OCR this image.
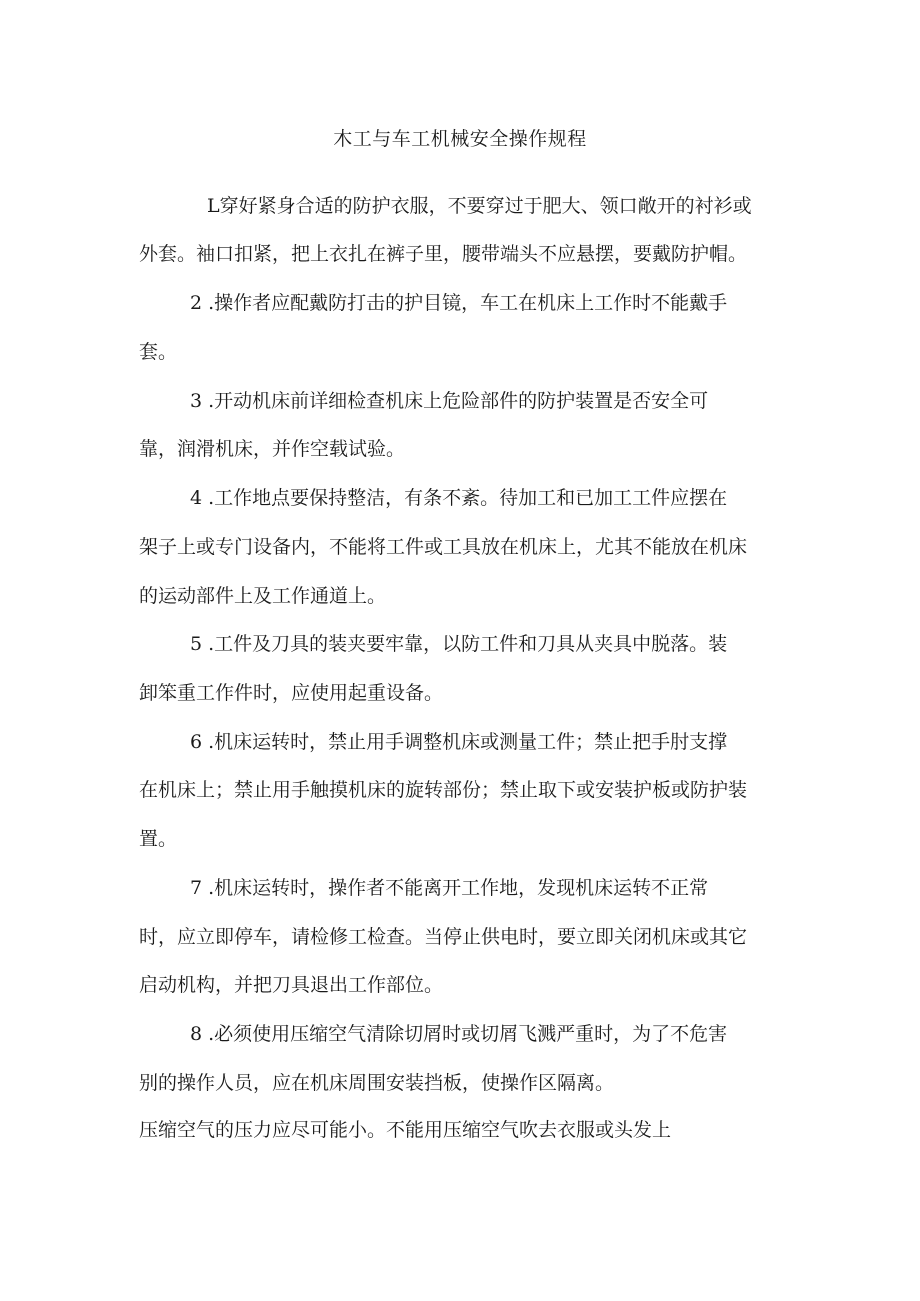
木工与车工机械安全操作规程
L穿好紧身合适的防护衣服，不要穿过于肥大、领口敞开的衬衫或
外套。袖口扣紧，把上衣扎在裤子里，腰带端头不应悬摆，要戴防护帽。
2 .操作者应配戴防打击的护目镜，车工在机床上工作时不能戴手
套。
3 .开动机床前详细检查机床上危险部件的防护装置是否安全可
靠，润滑机床，并作空载试验。
4 .工作地点要保持整洁，有条不紊。待加工和已加工工件应摆在
架子上或专门设备内，不能将工件或工具放在机床上，尤其不能放在机床
的运动部件上及工作通道上。
5 .工件及刀具的装夹要牢靠，以防工件和刀具从夹具中脱落。装
卸笨重工作件时，应使用起重设备。
6 .机床运转时，禁止用手调整机床或测量工件；禁止把手肘支撑
在机床上；禁止用手触摸机床的旋转部份；禁止取下或安装护板或防护装
置。
7 .机床运转时，操作者不能离开工作地，发现机床运转不正常
时，应立即停车，请检修工检查。当停止供电时，要立即关闭机床或其它
启动机构，并把刀具退出工作部位。
8 .必须使用压缩空气清除切屑时或切屑飞溅严重时，为了不危害
别的操作人员，应在机床周围安装挡板，使操作区隔离。
压缩空气的压力应尽可能小。不能用压缩空气吹去衣服或头发上
